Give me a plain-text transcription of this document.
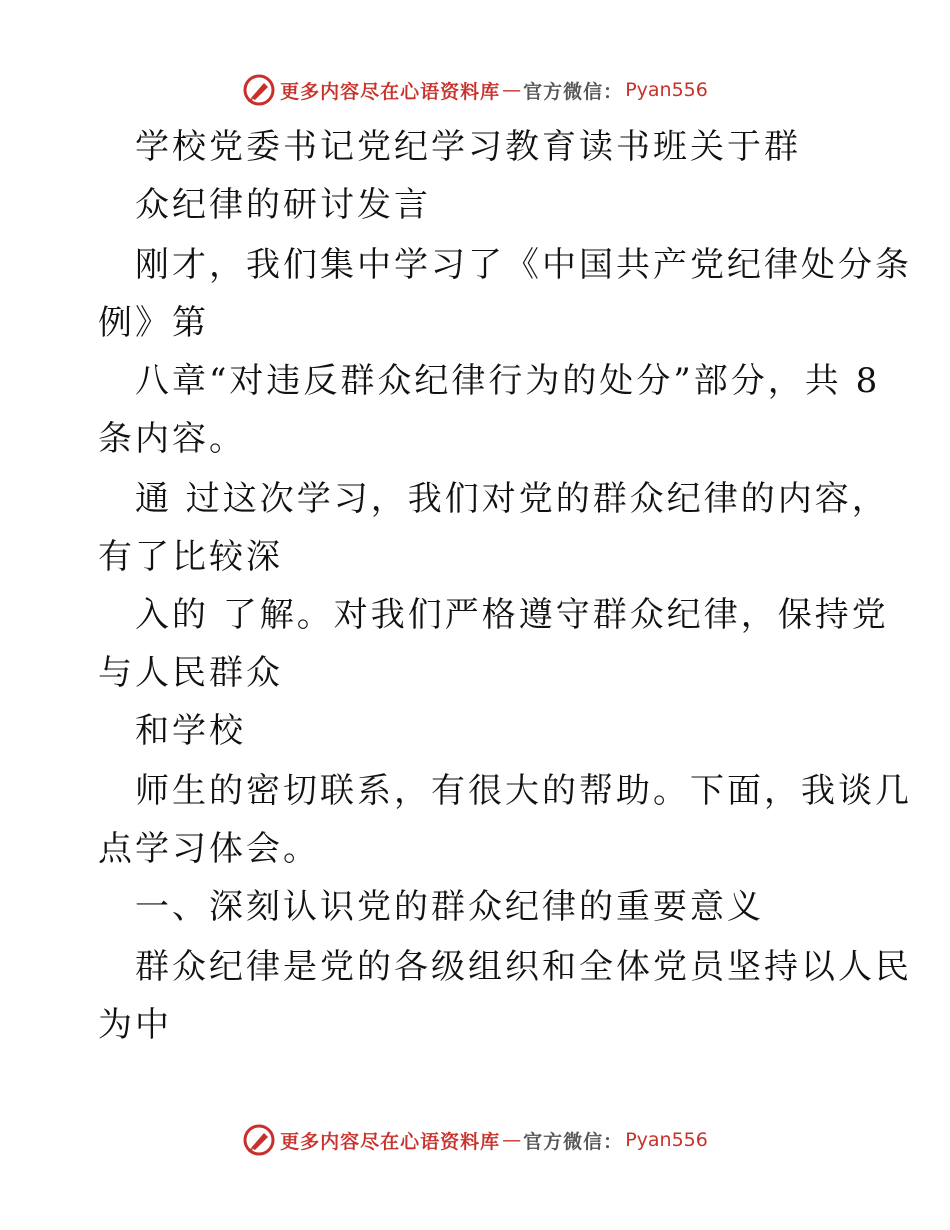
更多内容尽在心语资料库 — 官方微信： Pyan556
学校党委书记党纪学习教育读书班关于群
众纪律的研讨发言
刚才，我们集中学习了《中国共产党纪律处分条
例》第
八章“对违反群众纪律行为的处分”部分，共 8
条内容。
通 过这次学习，我们对党的群众纪律的内容，
有了比较深
入的 了解。对我们严格遵守群众纪律，保持党
与人民群众
和学校
师生的密切联系，有很大的帮助。下面，我谈几
点学习体会。
一、深刻认识党的群众纪律的重要意义
群众纪律是党的各级组织和全体党员坚持以人民
为中
更多内容尽在心语资料库 — 官方微信： Pyan556
